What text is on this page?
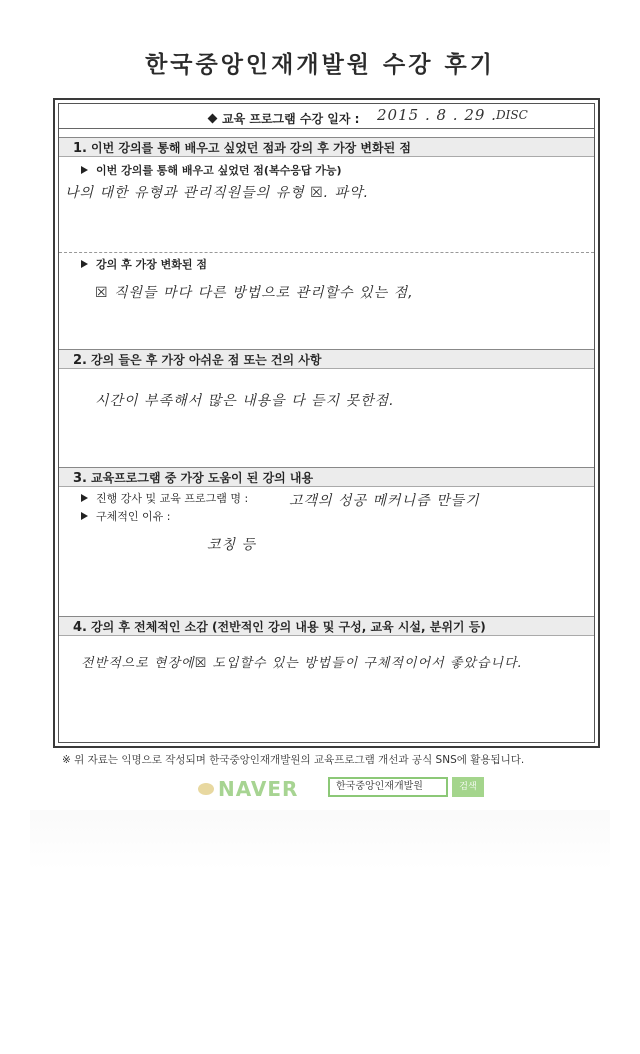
한국중앙인재개발원 수강 후기
교육 프로그램 수강 일자 : 2015 . 8 . 29 . DISC
1. 이번 강의를 통해 배우고 싶었던 점과 강의 후 가장 변화된 점
이번 강의를 통해 배우고 싶었던 점(복수응답 가능)
나의 대한 유형과 관리직원들의 유형 ☒. 파악.
강의 후 가장 변화된 점
☒ 직원들 마다 다른 방법으로 관리할수 있는 점,
2. 강의 들은 후 가장 아쉬운 점 또는 건의 사항
시간이 부족해서 많은 내용을 다 듣지 못한점.
3. 교육프로그램 중 가장 도움이 된 강의 내용
진행 강사 및 교육 프로그램 명 :	고객의 성공 메커니즘 만들기
구체적인 이유 :
코칭 등
4. 강의 후 전체적인 소감 (전반적인 강의 내용 및 구성, 교육 시설, 분위기 등)
전반적으로 현장에☒ 도입할수 있는 방법들이 구체적이어서 좋았습니다.
※ 위 자료는 익명으로 작성되며 한국중앙인재개발원의 교육프로그램 개선과 공식 SNS에 활용됩니다.
NAVER	한국중앙인재개발원	검색
